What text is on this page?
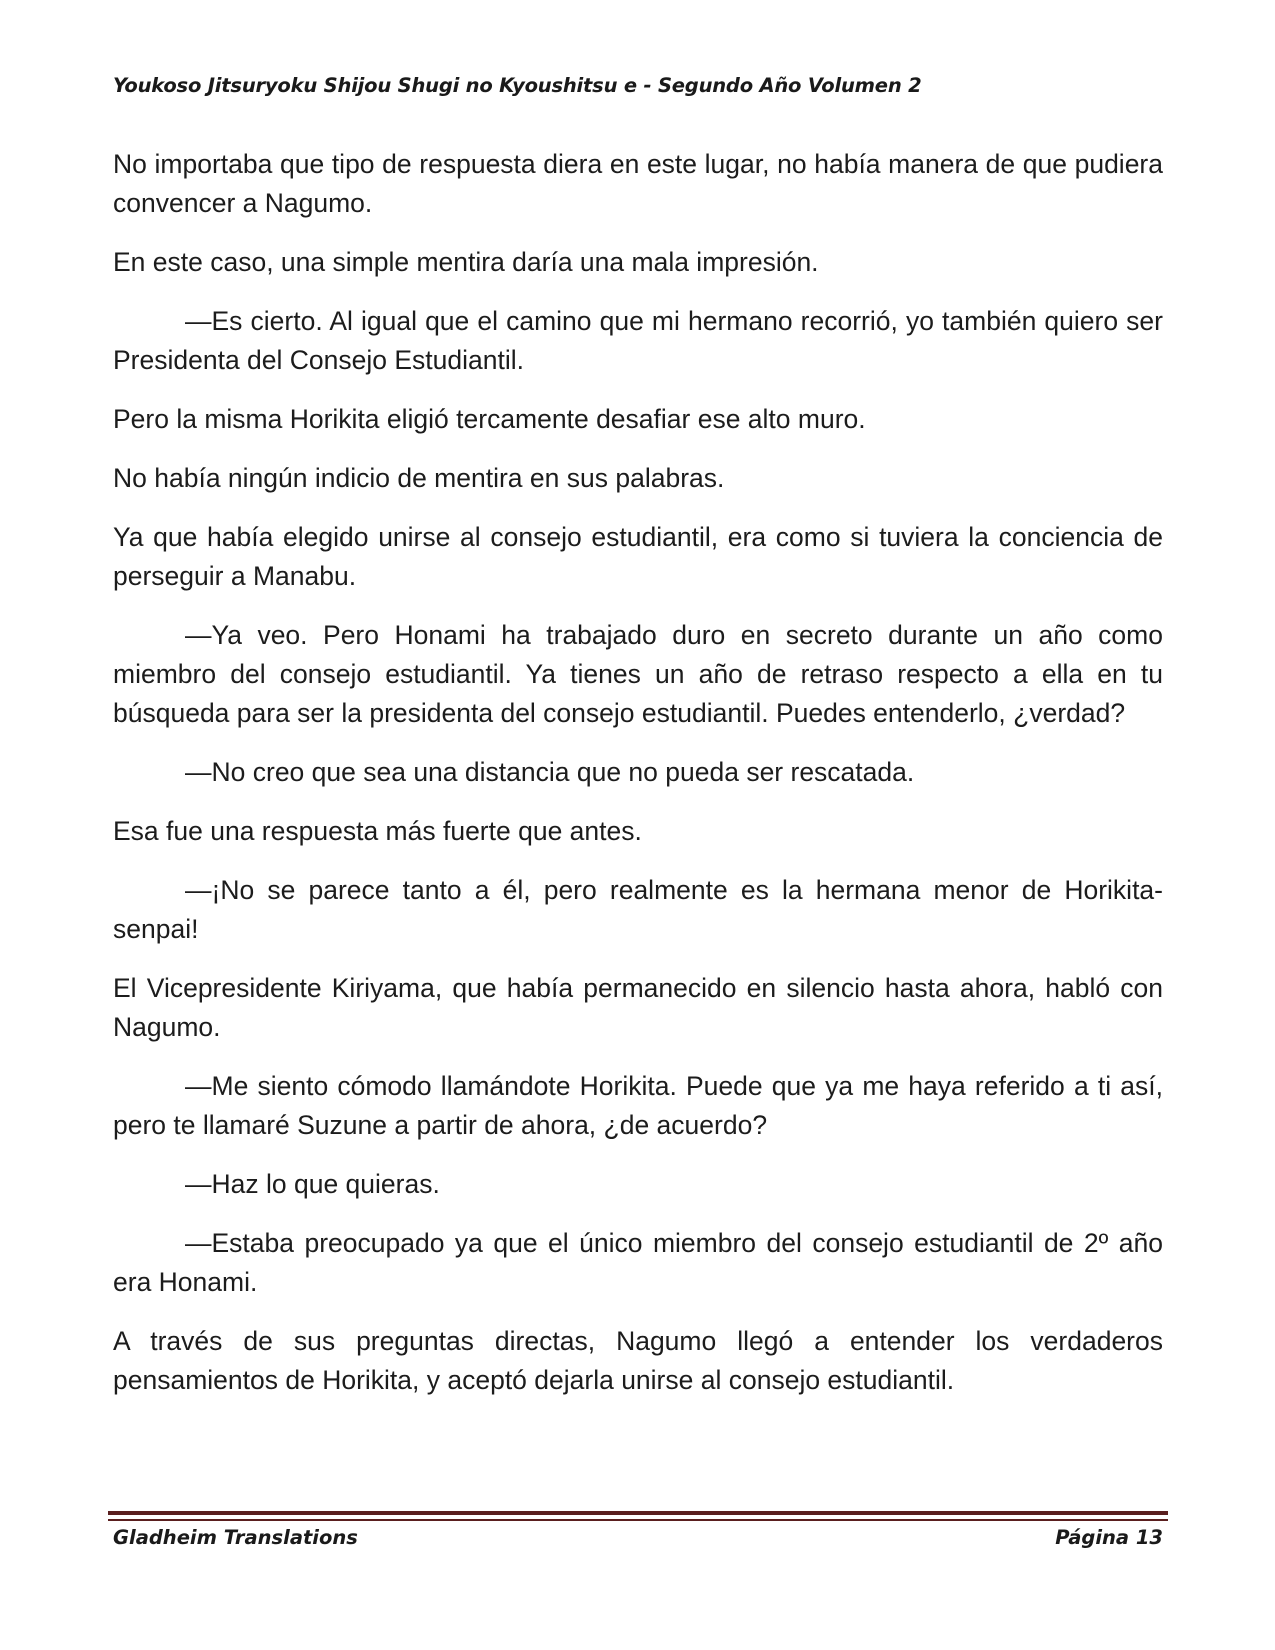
Youkoso Jitsuryoku Shijou Shugi no Kyoushitsu e - Segundo Año Volumen 2

No importaba que tipo de respuesta diera en este lugar, no había manera de que pudiera convencer a Nagumo.

En este caso, una simple mentira daría una mala impresión.

—Es cierto. Al igual que el camino que mi hermano recorrió, yo también quiero ser Presidenta del Consejo Estudiantil.

Pero la misma Horikita eligió tercamente desafiar ese alto muro.

No había ningún indicio de mentira en sus palabras.

Ya que había elegido unirse al consejo estudiantil, era como si tuviera la conciencia de perseguir a Manabu.

—Ya veo. Pero Honami ha trabajado duro en secreto durante un año como miembro del consejo estudiantil. Ya tienes un año de retraso respecto a ella en tu búsqueda para ser la presidenta del consejo estudiantil. Puedes entenderlo, ¿verdad?

—No creo que sea una distancia que no pueda ser rescatada.

Esa fue una respuesta más fuerte que antes.

—¡No se parece tanto a él, pero realmente es la hermana menor de Horikita-senpai!

El Vicepresidente Kiriyama, que había permanecido en silencio hasta ahora, habló con Nagumo.

—Me siento cómodo llamándote Horikita. Puede que ya me haya referido a ti así, pero te llamaré Suzune a partir de ahora, ¿de acuerdo?

—Haz lo que quieras.

—Estaba preocupado ya que el único miembro del consejo estudiantil de 2º año era Honami.

A través de sus preguntas directas, Nagumo llegó a entender los verdaderos pensamientos de Horikita, y aceptó dejarla unirse al consejo estudiantil.

Gladheim Translations	Página 13
